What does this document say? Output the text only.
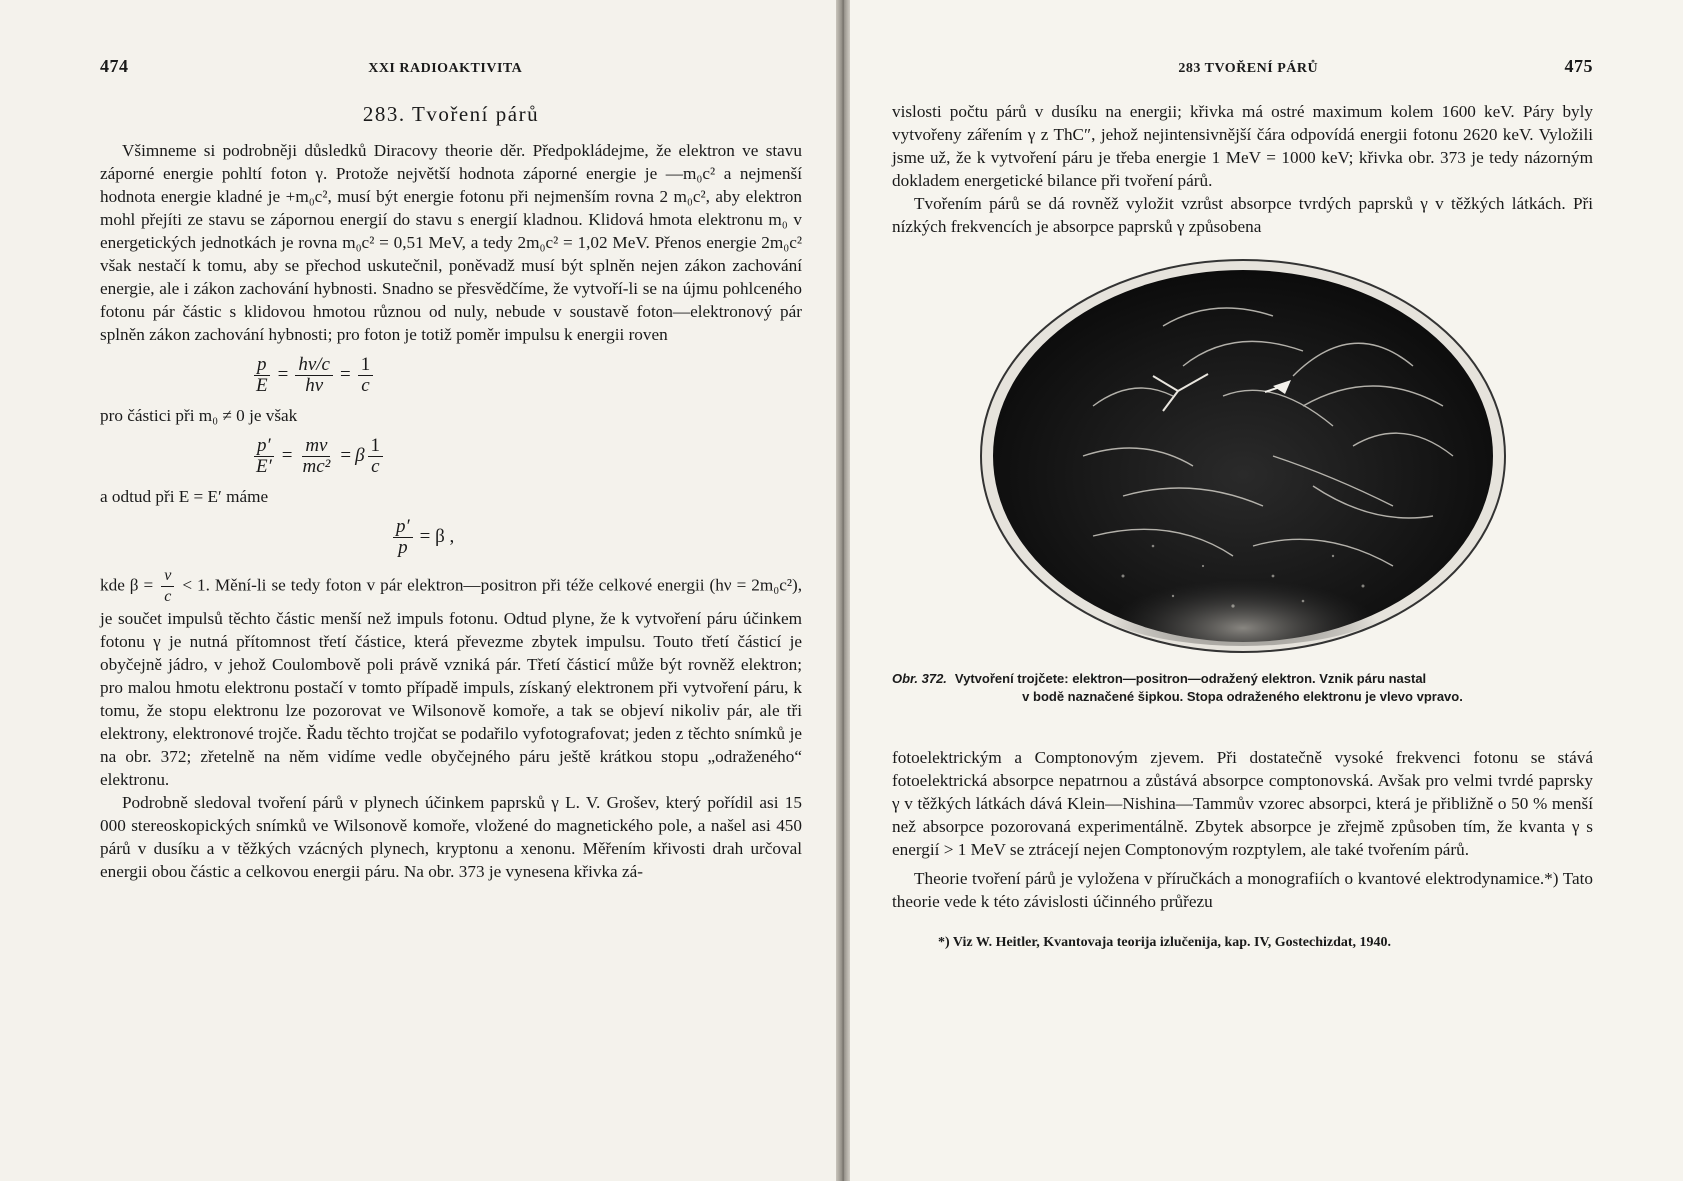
474	XXI RADIOAKTIVITA
283. Tvoření párů

Všimneme si podrobněji důsledků Diracovy theorie děr. Předpokládejme, že elektron ve stavu záporné energie pohltí foton γ. Protože největší hodnota záporné energie je —m₀c² a nejmenší hodnota energie kladné je +m₀c², musí být energie fotonu při nejmenším rovna 2 m₀c², aby elektron mohl přejíti ze stavu se zápornou energií do stavu s energií kladnou. Klidová hmota elektronu m₀ v energetických jednotkách je rovna m₀c² = 0,51 MeV, a tedy 2m₀c² = 1,02 MeV. Přenos energie 2m₀c² však nestačí k tomu, aby se přechod uskutečnil, poněvadž musí být splněn nejen zákon zachování energie, ale i zákon zachování hybnosti. Snadno se přesvědčíme, že vytvoří-li se na újmu pohlceného fotonu pár částic s klidovou hmotou různou od nuly, nebude v soustavě foton—elektronový pár splněn zákon zachování hybnosti; pro foton je totiž poměr impulsu k energii roven

$\frac{p}{E} = \frac{h\nu/c}{h\nu} = \frac{1}{c}$

pro částici při m₀ ≠ 0 je však

$\frac{p'}{E'} = \frac{mv}{\text{mc²}} = \beta \frac{1}{c}$

a odtud při E = E′ máme

$\frac{p'}{p} = \beta$ ,

kde $\beta = \frac{v}{c} < 1$. Mění-li se tedy foton v pár elektron—positron při téže celkové energii (hν = 2m₀c²), je součet impulsů těchto částic menší než impuls fotonu. Odtud plyne, že k vytvoření páru účinkem fotonu γ je nutná přítomnost třetí částice, která převezme zbytek impulsu. Touto třetí částicí je obyčejně jádro, v jehož Coulombově poli právě vzniká pár. Třetí částicí může být rovněž elektron; pro malou hmotu elektronu postačí v tomto případě impuls, získaný elektronem při vytvoření páru, k tomu, že stopu elektronu lze pozorovat ve Wilsonově komoře, a tak se objeví nikoliv pár, ale tři elektrony, elektronové trojče. Řadu těchto trojčat se podařilo vyfotografovat; jeden z těchto snímků je na obr. 372; zřetelně na něm vidíme vedle obyčejného páru ještě krátkou stopu „odraženého“ elektronu.

Podrobně sledoval tvoření párů v plynech účinkem paprsků γ L. V. Grošev, který pořídil asi 15 000 stereoskopických snímků ve Wilsonově komoře, vložené do magnetického pole, a našel asi 450 párů v dusíku a v těžkých vzácných plynech, kryptonu a xenonu. Měřením křivosti drah určoval energii obou částic a celkovou energii páru. Na obr. 373 je vynesena křivka zá-

283 TVOŘENÍ PÁRŮ	475

vislosti počtu párů v dusíku na energii; křivka má ostré maximum kolem 1600 keV. Páry byly vytvořeny zářením γ z ThC″, jehož nejintensivnější čára odpovídá energii fotonu 2620 keV. Vyložili jsme už, že k vytvoření páru je třeba energie 1 MeV = 1000 keV; křivka obr. 373 je tedy názorným dokladem energetické bilance při tvoření párů.

Tvořením párů se dá rovněž vyložit vzrůst absorpce tvrdých paprsků γ v těžkých látkách. Při nízkých frekvencích je absorpce paprsků γ způsobena

Obr. 372. Vytvoření trojčete: elektron—positron—odražený elektron. Vznik páru nastal
v bodě naznačené šipkou. Stopa odraženého elektronu je vlevo vpravo.

fotoelektrickým a Comptonovým zjevem. Při dostatečně vysoké frekvenci fotonu se stává fotoelektrická absorpce nepatrnou a zůstává absorpce comptonovská. Avšak pro velmi tvrdé paprsky γ v těžkých látkách dává Klein—Nishina—Tammův vzorec absorpci, která je přibližně o 50 % menší než absorpce pozorovaná experimentálně. Zbytek absorpce je zřejmě způsoben tím, že kvanta γ s energií > 1 MeV se ztrácejí nejen Comptonovým rozptylem, ale také tvořením párů.

Theorie tvoření párů je vyložena v příručkách a monografiích o kvantové elektrodynamice.*) Tato theorie vede k této závislosti účinného průřezu

*) Viz W. Heitler, Kvantovaja teorija izlučenija, kap. IV, Gostechizdat, 1940.
